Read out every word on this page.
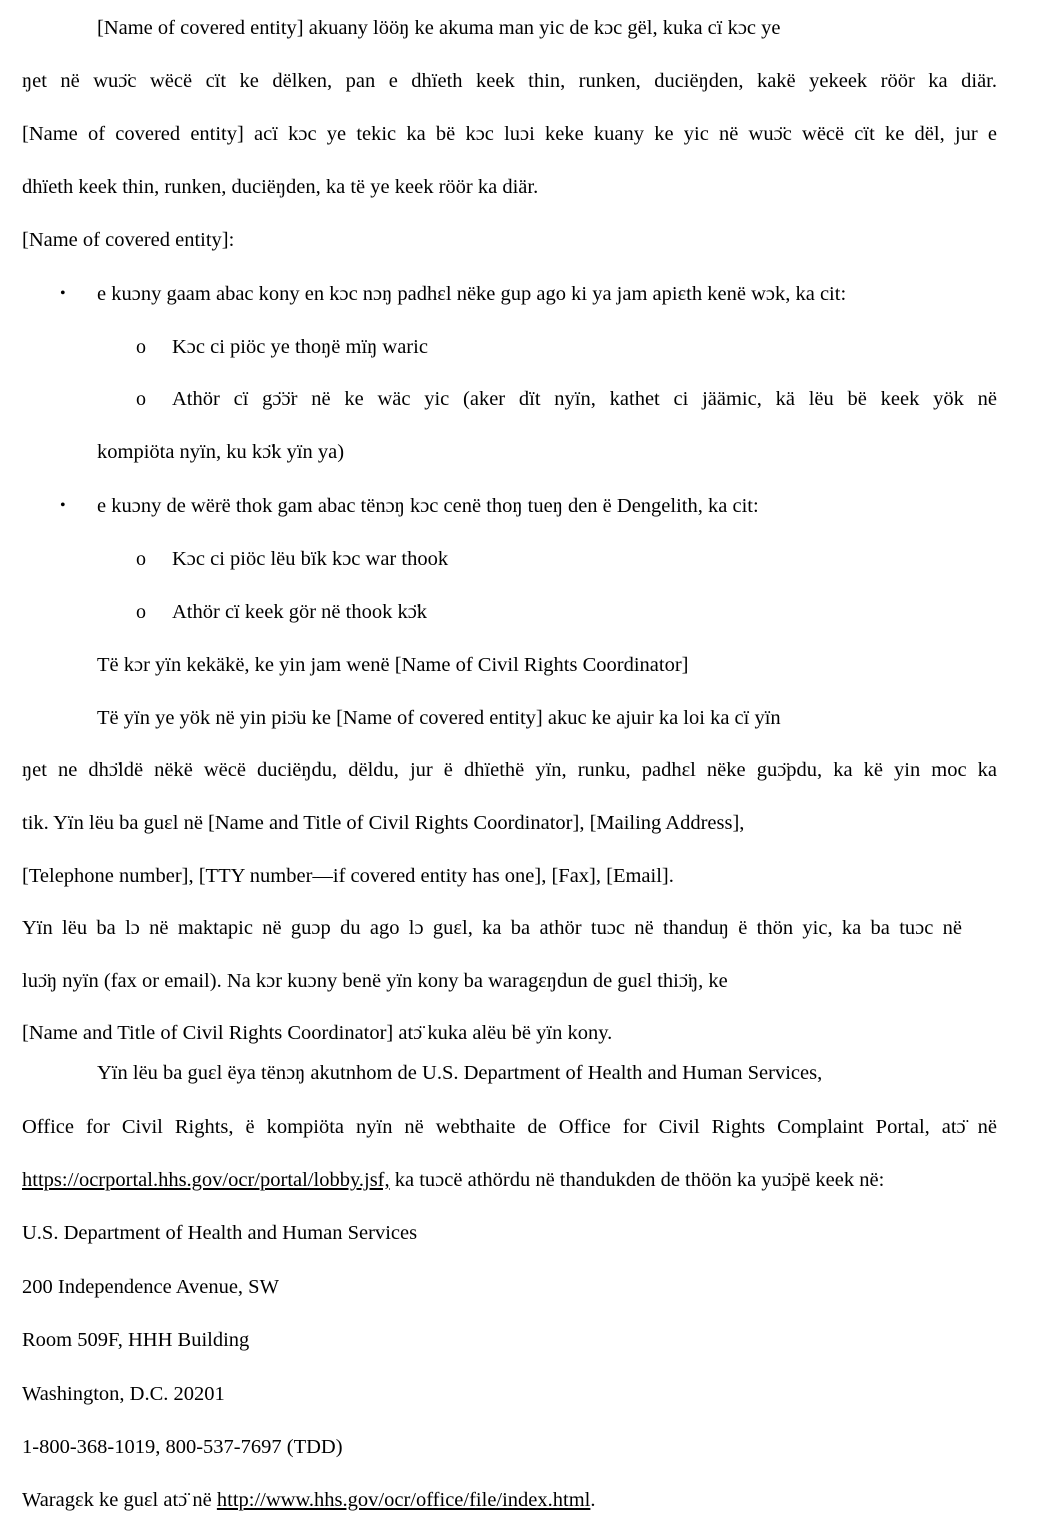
[Name of covered entity] akuany lööŋ ke akuma man yic de kɔc gël, kuka cï kɔc ye
ŋet në wuɔ̈c wëcë cït ke dëlken, pan e dhïeth keek thin, runken, duciëŋden, kakë yekeek röör ka diär.
[Name of covered entity] acï kɔc ye tekic ka bë kɔc luɔi keke kuany ke yic në wuɔ̈c wëcë cït ke dël, jur e
dhïeth keek thin, runken, duciëŋden, ka të ye keek röör ka diär.
[Name of covered entity]:
• e kuɔny gaam abac kony en kɔc nɔŋ padhɛl nëke gup ago ki ya jam apiɛth kenë wɔk, ka cit:
o Kɔc ci piöc ye thoŋë mïŋ waric
o Athör cï gɔ̈ɔ̈r në ke wäc yic (aker dït nyïn, kathet ci jäämic, kä lëu bë keek yök në
kompiöta nyïn, ku kɔ̈k yïn ya)
• e kuɔny de wërë thok gam abac tënɔŋ kɔc cenë thoŋ tueŋ den ë Dengelith, ka cit:
o Kɔc ci piöc lëu bïk kɔc war thook
o Athör cï keek gör në thook kɔ̈k
Të kɔr yïn kekäkë, ke yin jam wenë [Name of Civil Rights Coordinator]
Të yïn ye yök në yin piɔ̈u ke [Name of covered entity] akuc ke ajuir ka loi ka cï yïn
ŋet ne dhɔ̈ldë nëkë wëcë duciëŋdu, dëldu, jur ë dhïethë yïn, runku, padhɛl nëke guɔ̈pdu, ka kë yin moc ka
tik. Yïn lëu ba guɛl në [Name and Title of Civil Rights Coordinator], [Mailing Address],
[Telephone number], [TTY number—if covered entity has one], [Fax], [Email].
Yïn lëu ba lɔ në maktapic në guɔp du ago lɔ guɛl, ka ba athör tuɔc në thanduŋ ë thön yic, ka ba tuɔc në
luɔ̈ŋ nyïn (fax or email). Na kɔr kuɔny benë yïn kony ba waragɛŋdun de guɛl thiɔ̈ŋ, ke
[Name and Title of Civil Rights Coordinator] atɔ̈ kuka alëu bë yïn kony.
Yïn lëu ba guɛl ëya tënɔŋ akutnhom de U.S. Department of Health and Human Services,
Office for Civil Rights, ë kompiöta nyïn në webthaite de Office for Civil Rights Complaint Portal, atɔ̈ në
https://ocrportal.hhs.gov/ocr/portal/lobby.jsf, ka tuɔcë athördu në thandukden de thöön ka yuɔ̈pë keek në:
U.S. Department of Health and Human Services
200 Independence Avenue, SW
Room 509F, HHH Building
Washington, D.C. 20201
1-800-368-1019, 800-537-7697 (TDD)
Waragɛk ke guɛl atɔ̈ në http://www.hhs.gov/ocr/office/file/index.html.
